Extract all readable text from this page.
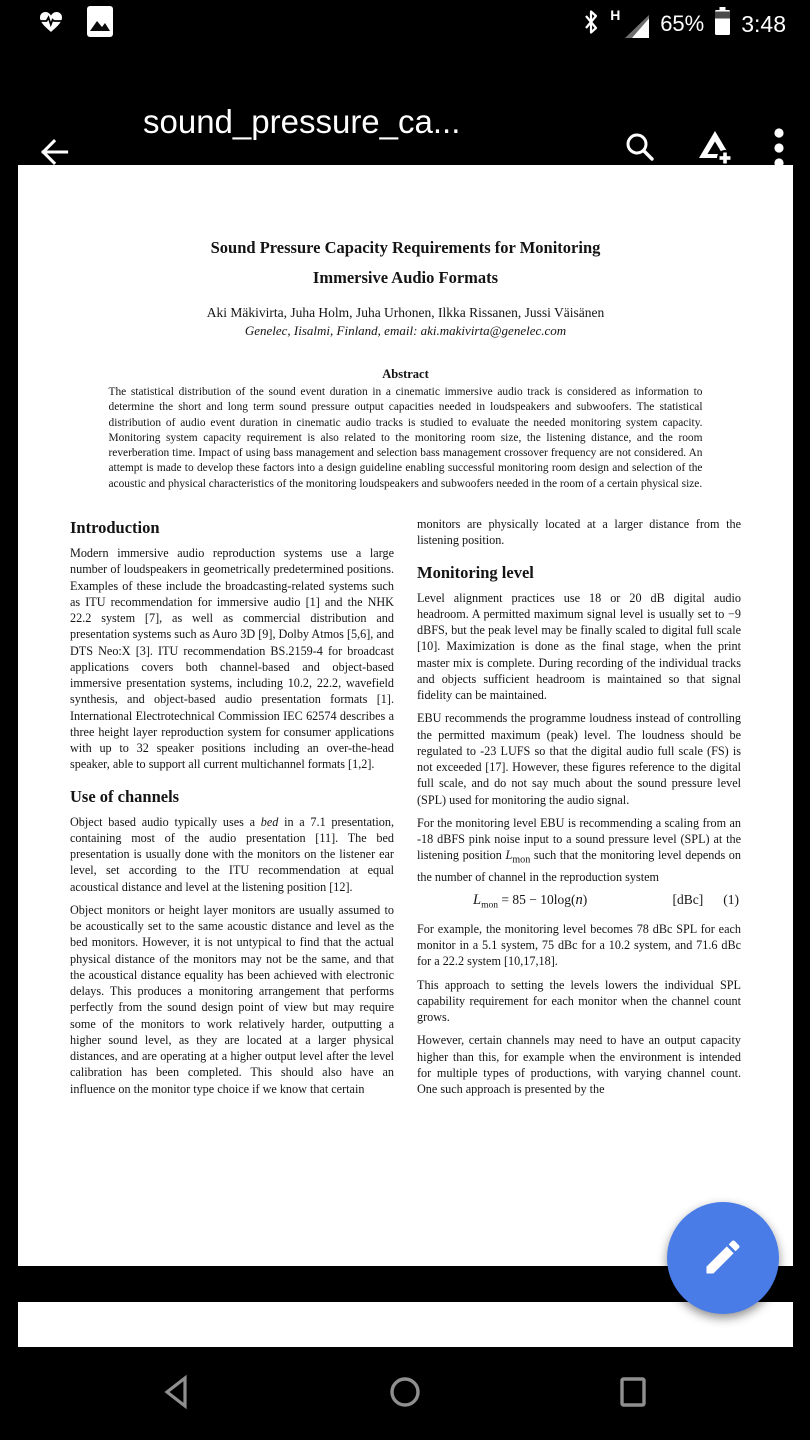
H 65% 3:48
sound_pressure_ca...
Sound Pressure Capacity Requirements for Monitoring
Immersive Audio Formats
Aki Mäkivirta, Juha Holm, Juha Urhonen, Ilkka Rissanen, Jussi Väisänen
Genelec, Iisalmi, Finland, email: aki.makivirta@genelec.com
Abstract
The statistical distribution of the sound event duration in a cinematic immersive audio track is considered as information to determine the short and long term sound pressure output capacities needed in loudspeakers and subwoofers. The statistical distribution of audio event duration in cinematic audio tracks is studied to evaluate the needed monitoring system capacity. Monitoring system capacity requirement is also related to the monitoring room size, the listening distance, and the room reverberation time. Impact of using bass management and selection bass management crossover frequency are not considered. An attempt is made to develop these factors into a design guideline enabling successful monitoring room design and selection of the acoustic and physical characteristics of the monitoring loudspeakers and subwoofers needed in the room of a certain physical size.
Introduction

Modern immersive audio reproduction systems use a large number of loudspeakers in geometrically predetermined positions. Examples of these include the broadcasting-related systems such as ITU recommendation for immersive audio [1] and the NHK 22.2 system [7], as well as commercial distribution and presentation systems such as Auro 3D [9], Dolby Atmos [5,6], and DTS Neo:X [3]. ITU recommendation BS.2159-4 for broadcast applications covers both channel-based and object-based immersive presentation systems, including 10.2, 22.2, wavefield synthesis, and object-based audio presentation formats [1]. International Electrotechnical Commission IEC 62574 describes a three height layer reproduction system for consumer applications with up to 32 speaker positions including an over-the-head speaker, able to support all current multichannel formats [1,2].

Use of channels

Object based audio typically uses a bed in a 7.1 presentation, containing most of the audio presentation [11]. The bed presentation is usually done with the monitors on the listener ear level, set according to the ITU recommendation at equal acoustical distance and level at the listening position [12].

Object monitors or height layer monitors are usually assumed to be acoustically set to the same acoustic distance and level as the bed monitors. However, it is not untypical to find that the actual physical distance of the monitors may not be the same, and that the acoustical distance equality has been achieved with electronic delays. This produces a monitoring arrangement that performs perfectly from the sound design point of view but may require some of the monitors to work relatively harder, outputting a higher sound level, as they are located at a larger physical distances, and are operating at a higher output level after the level calibration has been completed. This should also have an influence on the monitor type choice if we know that certain

monitors are physically located at a larger distance from the listening position.

Monitoring level

Level alignment practices use 18 or 20 dB digital audio headroom. A permitted maximum signal level is usually set to −9 dBFS, but the peak level may be finally scaled to digital full scale [10]. Maximization is done as the final stage, when the print master mix is complete. During recording of the individual tracks and objects sufficient headroom is maintained so that signal fidelity can be maintained.

EBU recommends the programme loudness instead of controlling the permitted maximum (peak) level. The loudness should be regulated to -23 LUFS so that the digital audio full scale (FS) is not exceeded [17]. However, these figures reference to the digital full scale, and do not say much about the sound pressure level (SPL) used for monitoring the audio signal.

For the monitoring level EBU is recommending a scaling from an -18 dBFS pink noise input to a sound pressure level (SPL) at the listening position $L_{mon}$ such that the monitoring level depends on the number of channel in the reproduction system

$L_{mon} = 85 - 10\log(n)$	[dBc] (1)

For example, the monitoring level becomes 78 dBc SPL for each monitor in a 5.1 system, 75 dBc for a 10.2 system, and 71.6 dBc for a 22.2 system [10,17,18].

This approach to setting the levels lowers the individual SPL capability requirement for each monitor when the channel count grows.

However, certain channels may need to have an output capacity higher than this, for example when the environment is intended for multiple types of productions, with varying channel count. One such approach is presented by the
